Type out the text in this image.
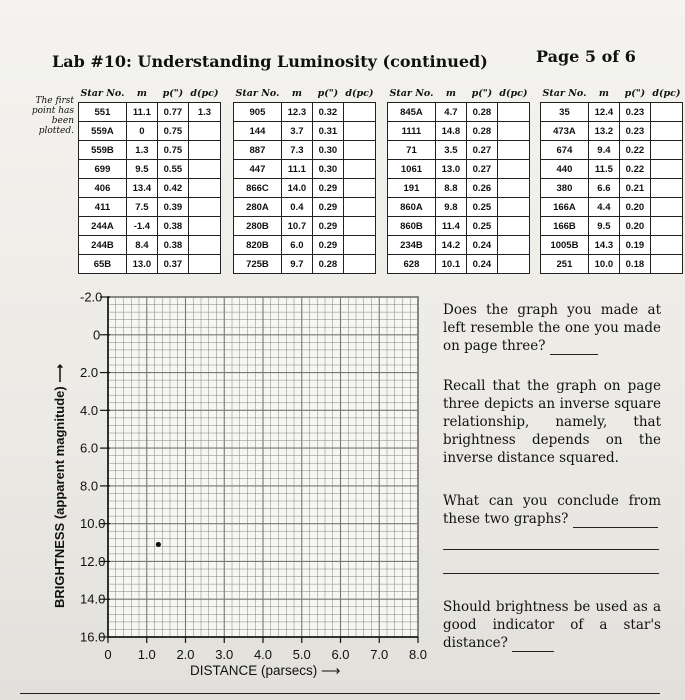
Lab #10: Understanding Luminosity (continued)	Page 5 of 6
The first point has been plotted.
Star No.	m	p(")	d(pc)
551	11.1	0.77	1.3
559A	0	0.75	
559B	1.3	0.75	
699	9.5	0.55	
406	13.4	0.42	
411	7.5	0.39	
244A	-1.4	0.38	
244B	8.4	0.38	
65B	13.0	0.37	
Star No.	m	p(")	d(pc)
905	12.3	0.32	
144	3.7	0.31	
887	7.3	0.30	
447	11.1	0.30	
866C	14.0	0.29	
280A	0.4	0.29	
280B	10.7	0.29	
820B	6.0	0.29	
725B	9.7	0.28	
Star No.	m	p(")	d(pc)
845A	4.7	0.28	
1111	14.8	0.28	
71	3.5	0.27	
1061	13.0	0.27	
191	8.8	0.26	
860A	9.8	0.25	
860B	11.4	0.25	
234B	14.2	0.24	
628	10.1	0.24	
Star No.	m	p(")	d(pc)
35	12.4	0.23	
473A	13.2	0.23	
674	9.4	0.22	
440	11.5	0.22	
380	6.6	0.21	
166A	4.4	0.20	
166B	9.5	0.20	
1005B	14.3	0.19	
251	10.0	0.18	
-2.0
0
2.0
4.0
6.0
8.0
10.0
12.0
14.0
16.0
0 1.0 2.0 3.0 4.0 5.0 6.0 7.0 8.0
BRIGHTNESS (apparent magnitude) ⟶
DISTANCE (parsecs) ⟶
Does the graph you made at left resemble the one you made on page three?
Recall that the graph on page three depicts an inverse square relationship, namely, that brightness depends on the inverse distance squared.
What can you conclude from these two graphs?
Should brightness be used as a good indicator of a star's distance?
